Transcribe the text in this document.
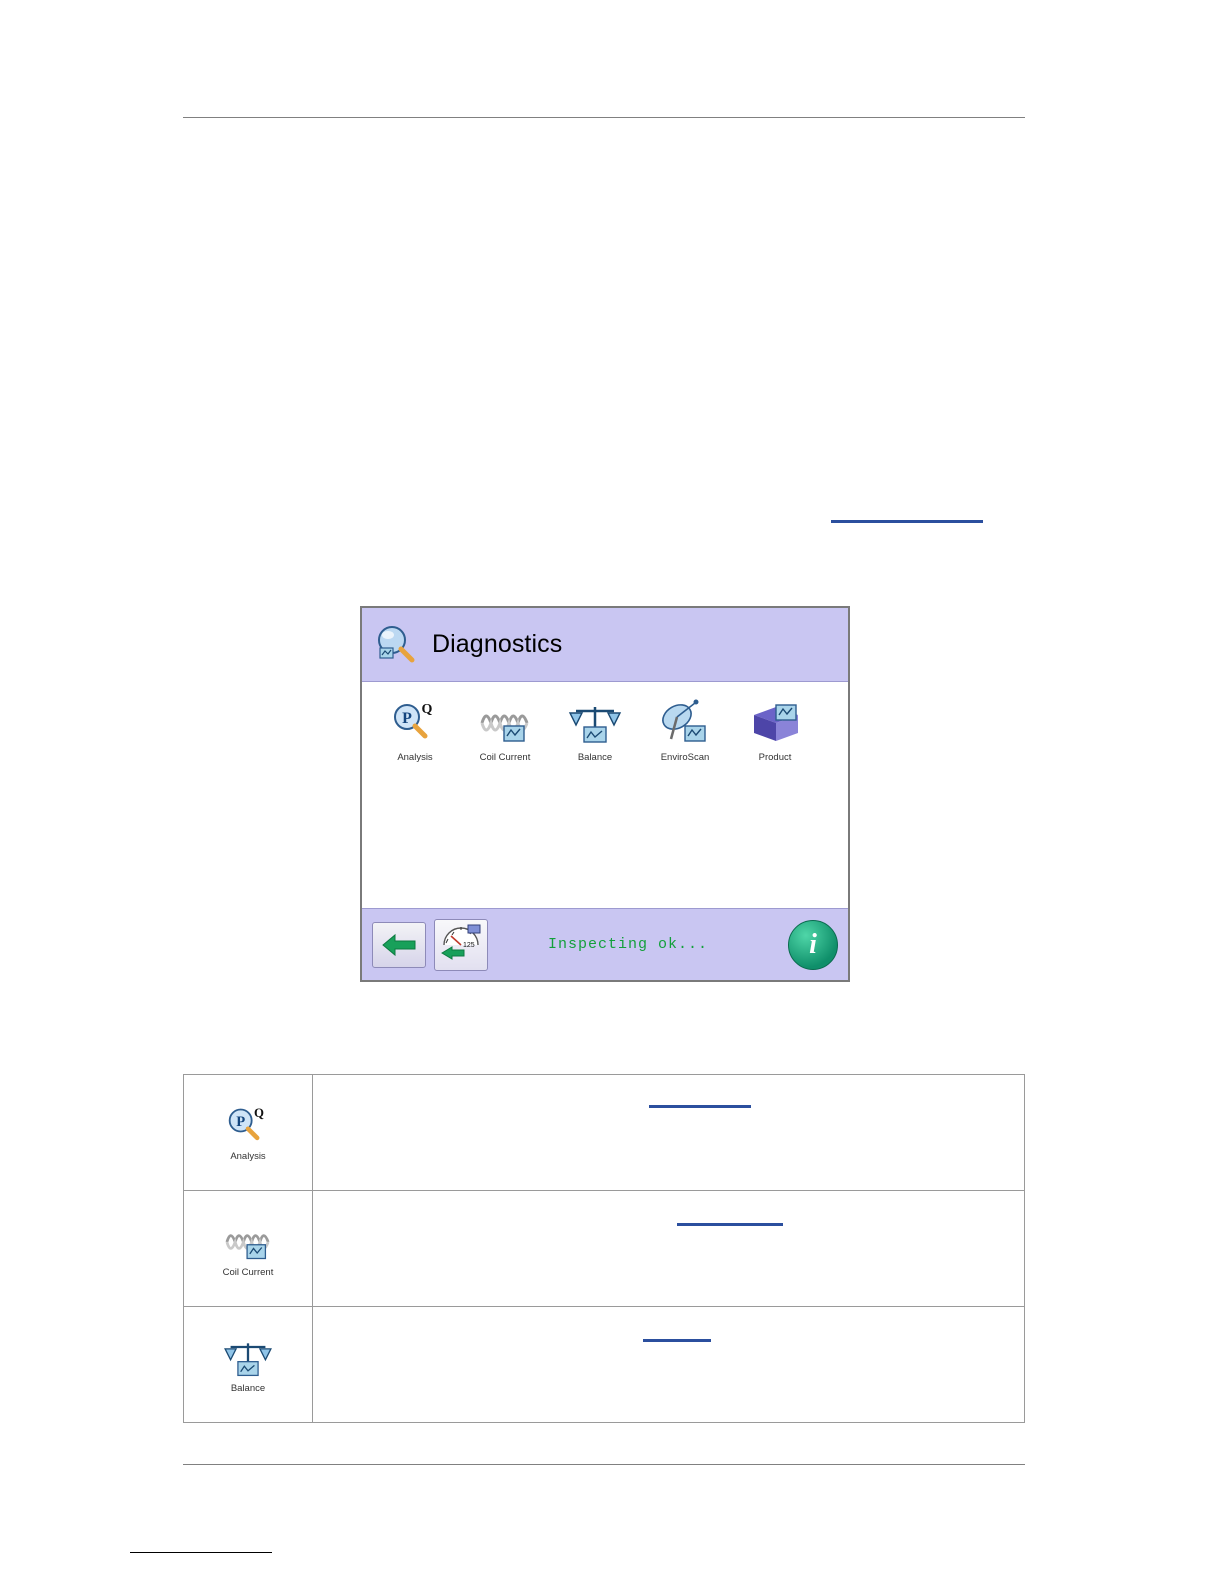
Diagnostics
P
Q
Analysis	Coil Current	Balance	EnviroScan	Product
125	Inspecting ok...	i
P
Q
Analysis	

Coil Current	

Balance	
